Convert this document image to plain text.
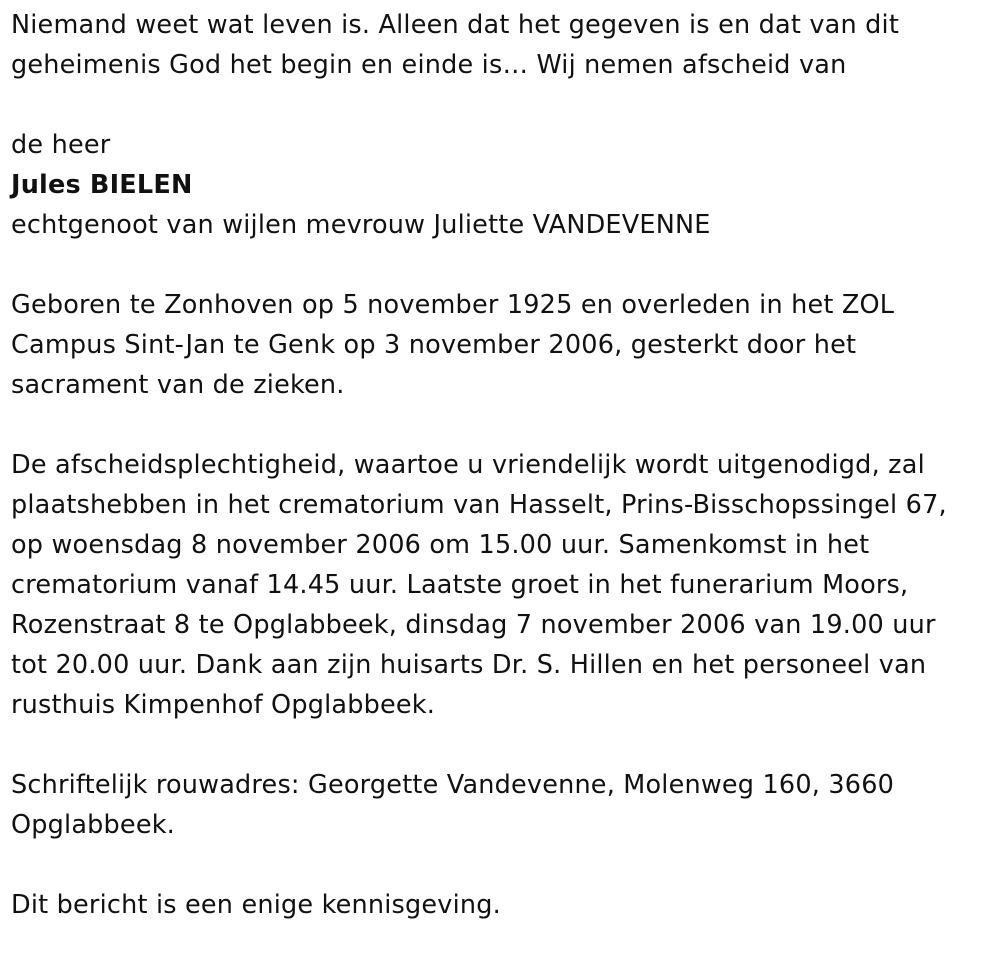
Niemand weet wat leven is. Alleen dat het gegeven is en dat van dit
geheimenis God het begin en einde is… Wij nemen afscheid van
de heer
Jules BIELEN
echtgenoot van wijlen mevrouw Juliette VANDEVENNE
Geboren te Zonhoven op 5 november 1925 en overleden in het ZOL
Campus Sint-Jan te Genk op 3 november 2006, gesterkt door het
sacrament van de zieken.
De afscheidsplechtigheid, waartoe u vriendelijk wordt uitgenodigd, zal
plaatshebben in het crematorium van Hasselt, Prins-Bisschopssingel 67,
op woensdag 8 november 2006 om 15.00 uur. Samenkomst in het
crematorium vanaf 14.45 uur. Laatste groet in het funerarium Moors,
Rozenstraat 8 te Opglabbeek, dinsdag 7 november 2006 van 19.00 uur
tot 20.00 uur. Dank aan zijn huisarts Dr. S. Hillen en het personeel van
rusthuis Kimpenhof Opglabbeek.
Schriftelijk rouwadres: Georgette Vandevenne, Molenweg 160, 3660
Opglabbeek.
Dit bericht is een enige kennisgeving.
